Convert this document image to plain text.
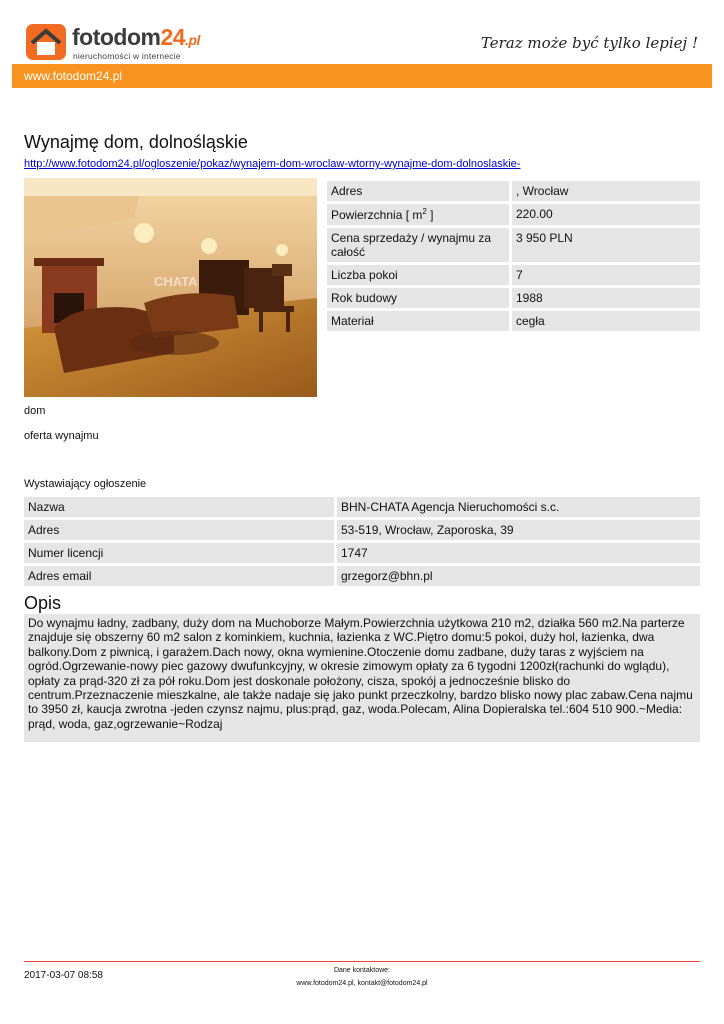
fotodom24.pl
nieruchomości w internecie
Teraz może być tylko lepiej !
www.fotodom24.pl
Wynajmę dom, dolnośląskie
http://www.fotodom24.pl/ogloszenie/pokaz/wynajem-dom-wroclaw-wtorny-wynajme-dom-dolnoslaskie-
CHATA
Adres	, Wrocław
Powierzchnia [ $m^2$ ]	220.00
Cena sprzedaży / wynajmu za całość	3 950 PLN
Liczba pokoi	7
Rok budowy	1988
Materiał	cegła
dom
oferta wynajmu
Wystawiający ogłoszenie
Nazwa	BHN-CHATA Agencja Nieruchomości s.c.
Adres	53-519, Wrocław, Zaporoska, 39
Numer licencji	1747
Adres email	grzegorz@bhn.pl
Opis
Do wynajmu ładny, zadbany, duży dom na Muchoborze Małym.Powierzchnia użytkowa 210 m2, działka 560 m2.Na parterze znajduje się obszerny 60 m2 salon z kominkiem, kuchnia, łazienka z WC.Piętro domu:5 pokoi, duży hol, łazienka, dwa balkony.Dom z piwnicą, i garażem.Dach nowy, okna wymienine.Otoczenie domu zadbane, duży taras z wyjściem na ogród.Ogrzewanie-nowy piec gazowy dwufunkcyjny, w okresie zimowym opłaty za 6 tygodni 1200zł(rachunki do wglądu), opłaty za prąd-320 zł za pół roku.Dom jest doskonale położony, cisza, spokój a jednocześnie blisko do centrum.Przeznaczenie mieszkalne, ale także nadaje się jako punkt przeczkolny, bardzo blisko nowy plac zabaw.Cena najmu to 3950 zł, kaucja zwrotna -jeden czynsz najmu, plus:prąd, gaz, woda.Polecam, Alina Dopieralska tel.:604 510 900.~Media: prąd, woda, gaz,ogrzewanie~Rodzaj
2017-03-07 08:58	Dane kontaktowe:
www.fotodom24.pl, kontakt@fotodom24.pl
